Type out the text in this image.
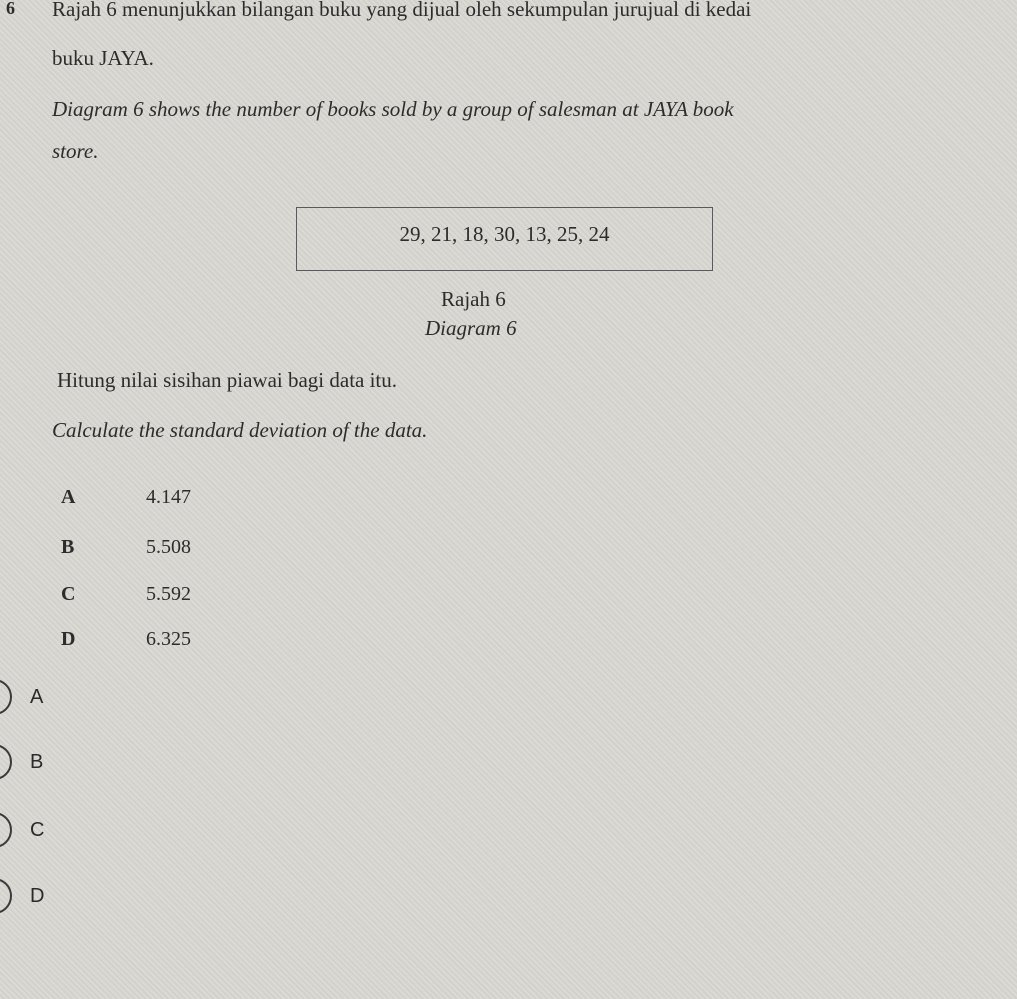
6 Rajah 6 menunjukkan bilangan buku yang dijual oleh sekumpulan jurujual di kedai
buku JAYA.
Diagram 6 shows the number of books sold by a group of salesman at JAYA book
store.
29, 21, 18, 30, 13, 25, 24
Rajah 6
Diagram 6
Hitung nilai sisihan piawai bagi data itu.
Calculate the standard deviation of the data.
A	4.147
B	5.508
C	5.592
D	6.325
A
B
C
D
